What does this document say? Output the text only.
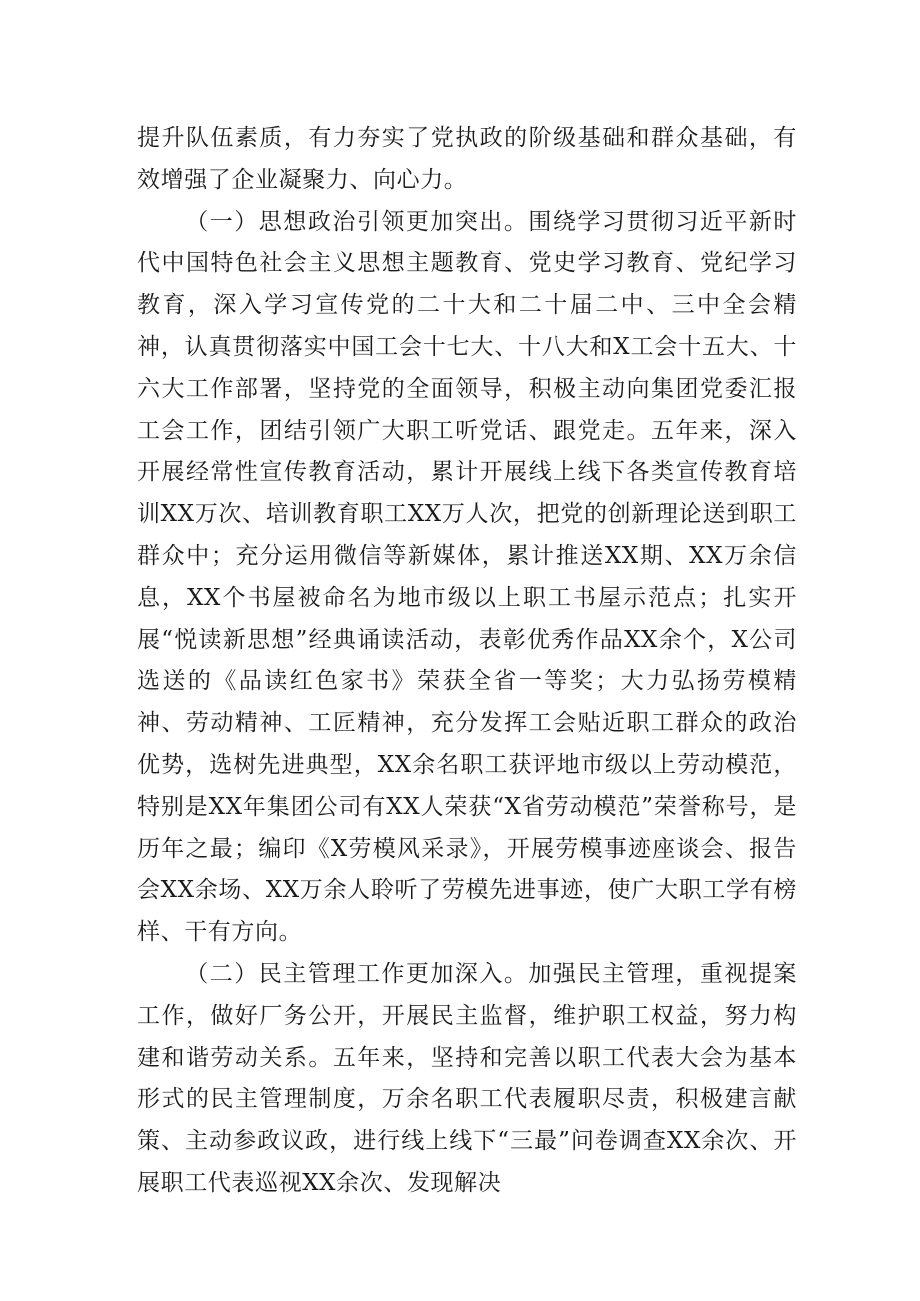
提升队伍素质，有力夯实了党执政的阶级基础和群众基础，有效增强了企业凝聚力、向心力。

（一）思想政治引领更加突出。围绕学习贯彻习近平新时代中国特色社会主义思想主题教育、党史学习教育、党纪学习教育，深入学习宣传党的二十大和二十届二中、三中全会精神，认真贯彻落实中国工会十七大、十八大和X工会十五大、十六大工作部署，坚持党的全面领导，积极主动向集团党委汇报工会工作，团结引领广大职工听党话、跟党走。五年来，深入开展经常性宣传教育活动，累计开展线上线下各类宣传教育培训XX万次、培训教育职工XX万人次，把党的创新理论送到职工群众中；充分运用微信等新媒体，累计推送XX期、XX万余信息，XX个书屋被命名为地市级以上职工书屋示范点；扎实开展“悦读新思想”经典诵读活动，表彰优秀作品XX余个，X公司选送的《品读红色家书》荣获全省一等奖；大力弘扬劳模精神、劳动精神、工匠精神，充分发挥工会贴近职工群众的政治优势，选树先进典型，XX余名职工获评地市级以上劳动模范，特别是XX年集团公司有XX人荣获“X省劳动模范”荣誉称号，是历年之最；编印《X劳模风采录》，开展劳模事迹座谈会、报告会XX余场、XX万余人聆听了劳模先进事迹，使广大职工学有榜样、干有方向。

（二）民主管理工作更加深入。加强民主管理，重视提案工作，做好厂务公开，开展民主监督，维护职工权益，努力构建和谐劳动关系。五年来，坚持和完善以职工代表大会为基本形式的民主管理制度，万余名职工代表履职尽责，积极建言献策、主动参政议政，进行线上线下“三最”问卷调查XX余次、开展职工代表巡视XX余次、发现解决
